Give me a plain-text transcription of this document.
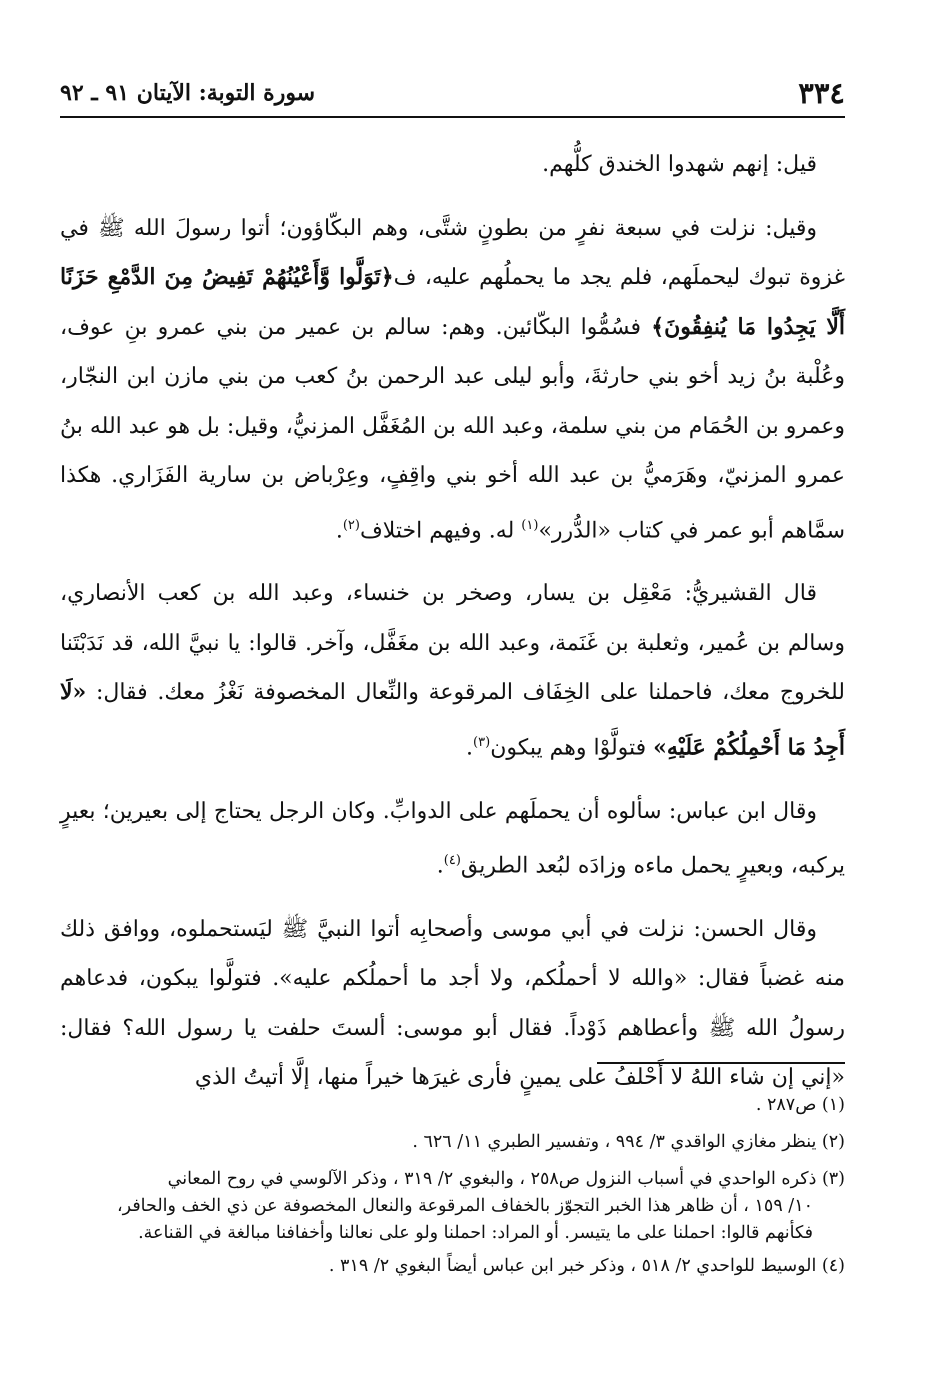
٣٣٤
سورة التوبة: الآيتان ٩١ ـ ٩٢

قيل: إنهم شهدوا الخندق كلُّهم.

وقيل: نزلت في سبعة نفرٍ من بطونٍ شتَّى، وهم البكّاؤون؛ أتوا رسولَ الله ﷺ في غزوة تبوك ليحملَهم، فلم يجد ما يحملُهم عليه، ف﴿تَوَلَّوا وَّأَعْيُنُهُمْ تَفِيضُ مِنَ الدَّمْعِ حَزَنًا أَلَّا يَجِدُوا مَا يُنفِقُونَ﴾ فسُمُّوا البكّائين. وهم: سالم بن عمير من بني عمرو بنِ عوف، وعُلْبة بنُ زيد أخو بني حارثةَ، وأبو ليلى عبد الرحمن بنُ كعب من بني مازن ابن النجّار، وعمرو بن الحُمَام من بني سلمة، وعبد الله بن المُغَفَّل المزنيُّ، وقيل: بل هو عبد الله بنُ عمرو المزنيّ، وهَرَميُّ بن عبد الله أخو بني واقِفٍ، وعِرْباض بن سارية الفَزَاري. هكذا سمَّاهم أبو عمر في كتاب «الدُّرر»$^{(١)}$ له. وفيهم اختلاف$^{(٢)}$.

قال القشيريُّ: مَعْقِل بن يسار، وصخر بن خنساء، وعبد الله بن كعب الأنصاري، وسالم بن عُمير، وثعلبة بن غَنَمة، وعبد الله بن مغَفَّل، وآخر. قالوا: يا نبيَّ الله، قد نَدَبْتَنا للخروج معك، فاحملنا على الخِفَاف المرقوعة والنِّعال المخصوفة نَغْزُ معك. فقال: «لَا أَجِدُ مَا أَحْمِلُكُمْ عَلَيْهِ» فتولَّوْا وهم يبكون$^{(٣)}$.

وقال ابن عباس: سألوه أن يحملَهم على الدوابِّ. وكان الرجل يحتاج إلى بعيرين؛ بعيرٍ يركبه، وبعيرٍ يحمل ماءه وزادَه لبُعد الطريق$^{(٤)}$.

وقال الحسن: نزلت في أبي موسى وأصحابِه أتوا النبيَّ ﷺ ليَستحملوه، ووافق ذلك منه غضباً فقال: «والله لا أحملُكم، ولا أجد ما أحملُكم عليه». فتولَّوا يبكون، فدعاهم رسولُ الله ﷺ وأعطاهم ذَوْداً. فقال أبو موسى: ألستَ حلفت يا رسول الله؟ فقال: «إني إن شاء اللهُ لا أَحْلفُ على يمينٍ فأرى غيرَها خيراً منها، إلَّا أتيتُ الذي

(١) ص٢٨٧ .

(٢) ينظر مغازي الواقدي ٣/ ٩٩٤ ، وتفسير الطبري ١١/ ٦٢٦ .

(٣) ذكره الواحدي في أسباب النزول ص٢٥٨ ، والبغوي ٢/ ٣١٩ ، وذكر الآلوسي في روح المعاني
١٠/ ١٥٩ ، أن ظاهر هذا الخبر التجوّز بالخفاف المرقوعة والنعال المخصوفة عن ذي الخف والحافر،
فكأنهم قالوا: احملنا على ما يتيسر. أو المراد: احملنا ولو على نعالنا وأخفافنا مبالغة في القناعة.

(٤) الوسيط للواحدي ٢/ ٥١٨ ، وذكر خبر ابن عباس أيضاً البغوي ٢/ ٣١٩ .
